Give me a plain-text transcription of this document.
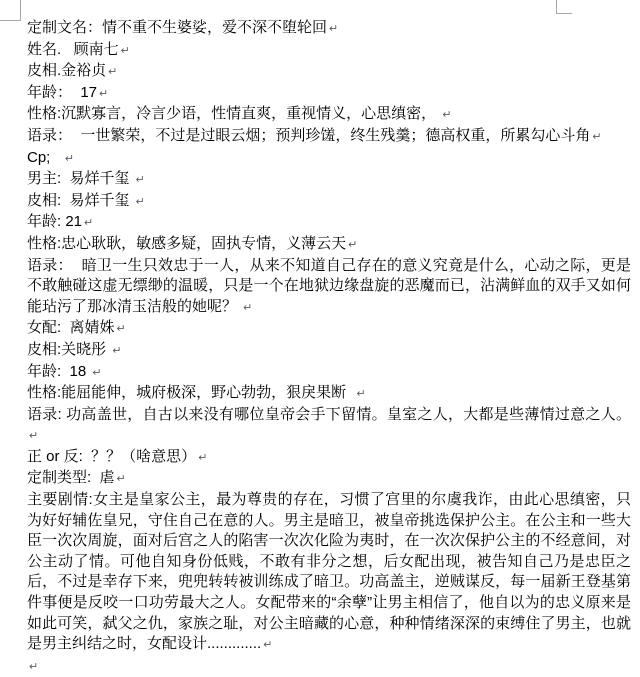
定制文名：情不重不生婆娑，爱不深不堕轮回 ↵

姓名.   顾南七 ↵

皮相.金裕贞 ↵

年龄：  17 ↵

性格:沉默寡言，冷言少语，性情直爽，重视情义，心思缜密， ↵

语录：  一世繁荣，不过是过眼云烟；预判珍馐，终生残羹；德高权重，所累勾心斗角 ↵

Cp;   ↵

男主:  易烊千玺 ↵

皮相:  易烊千玺 ↵

年龄: 21 ↵

性格:忠心耿耿，敏感多疑，固执专情，义薄云天 ↵

语录：  暗卫一生只效忠于一人，从来不知道自己存在的意义究竟是什么，心动之际，更是不敢触碰这虚无缥缈的温暖，只是一个在地狱边缘盘旋的恶魔而已，沾满鲜血的双手又如何能玷污了那冰清玉洁般的她呢？ ↵

女配:  离婧姝 ↵

皮相:关晓彤 ↵

年龄:  18 ↵

性格:能屈能伸，城府极深，野心勃勃，狠戾果断  ↵

语录: 功高盖世，自古以来没有哪位皇帝会手下留情。皇室之人，大都是些薄情过意之人。↵

正 or 反:  ？？（啥意思） ↵

定制类型:  虐 ↵

主要剧情:女主是皇家公主，最为尊贵的存在，习惯了宫里的尔虞我诈，由此心思缜密，只为好好辅佐皇兄，守住自己在意的人。男主是暗卫，被皇帝挑选保护公主。在公主和一些大臣一次次周旋，面对后宫之人的陷害一次次化险为夷时，在一次次保护公主的不经意间，对公主动了情。可他自知身份低贱，不敢有非分之想，后女配出现，被告知自己乃是忠臣之后，不过是幸存下来，兜兜转转被训练成了暗卫。功高盖主，逆贼谋反，每一届新王登基第件事便是反咬一口功劳最大之人。女配带来的“余孽”让男主相信了，他自以为的忠义原来是如此可笑，弑父之仇，家族之耻，对公主暗藏的心意，种种情绪深深的束缚住了男主，也就是男主纠结之时，女配设计............. ↵

↵
